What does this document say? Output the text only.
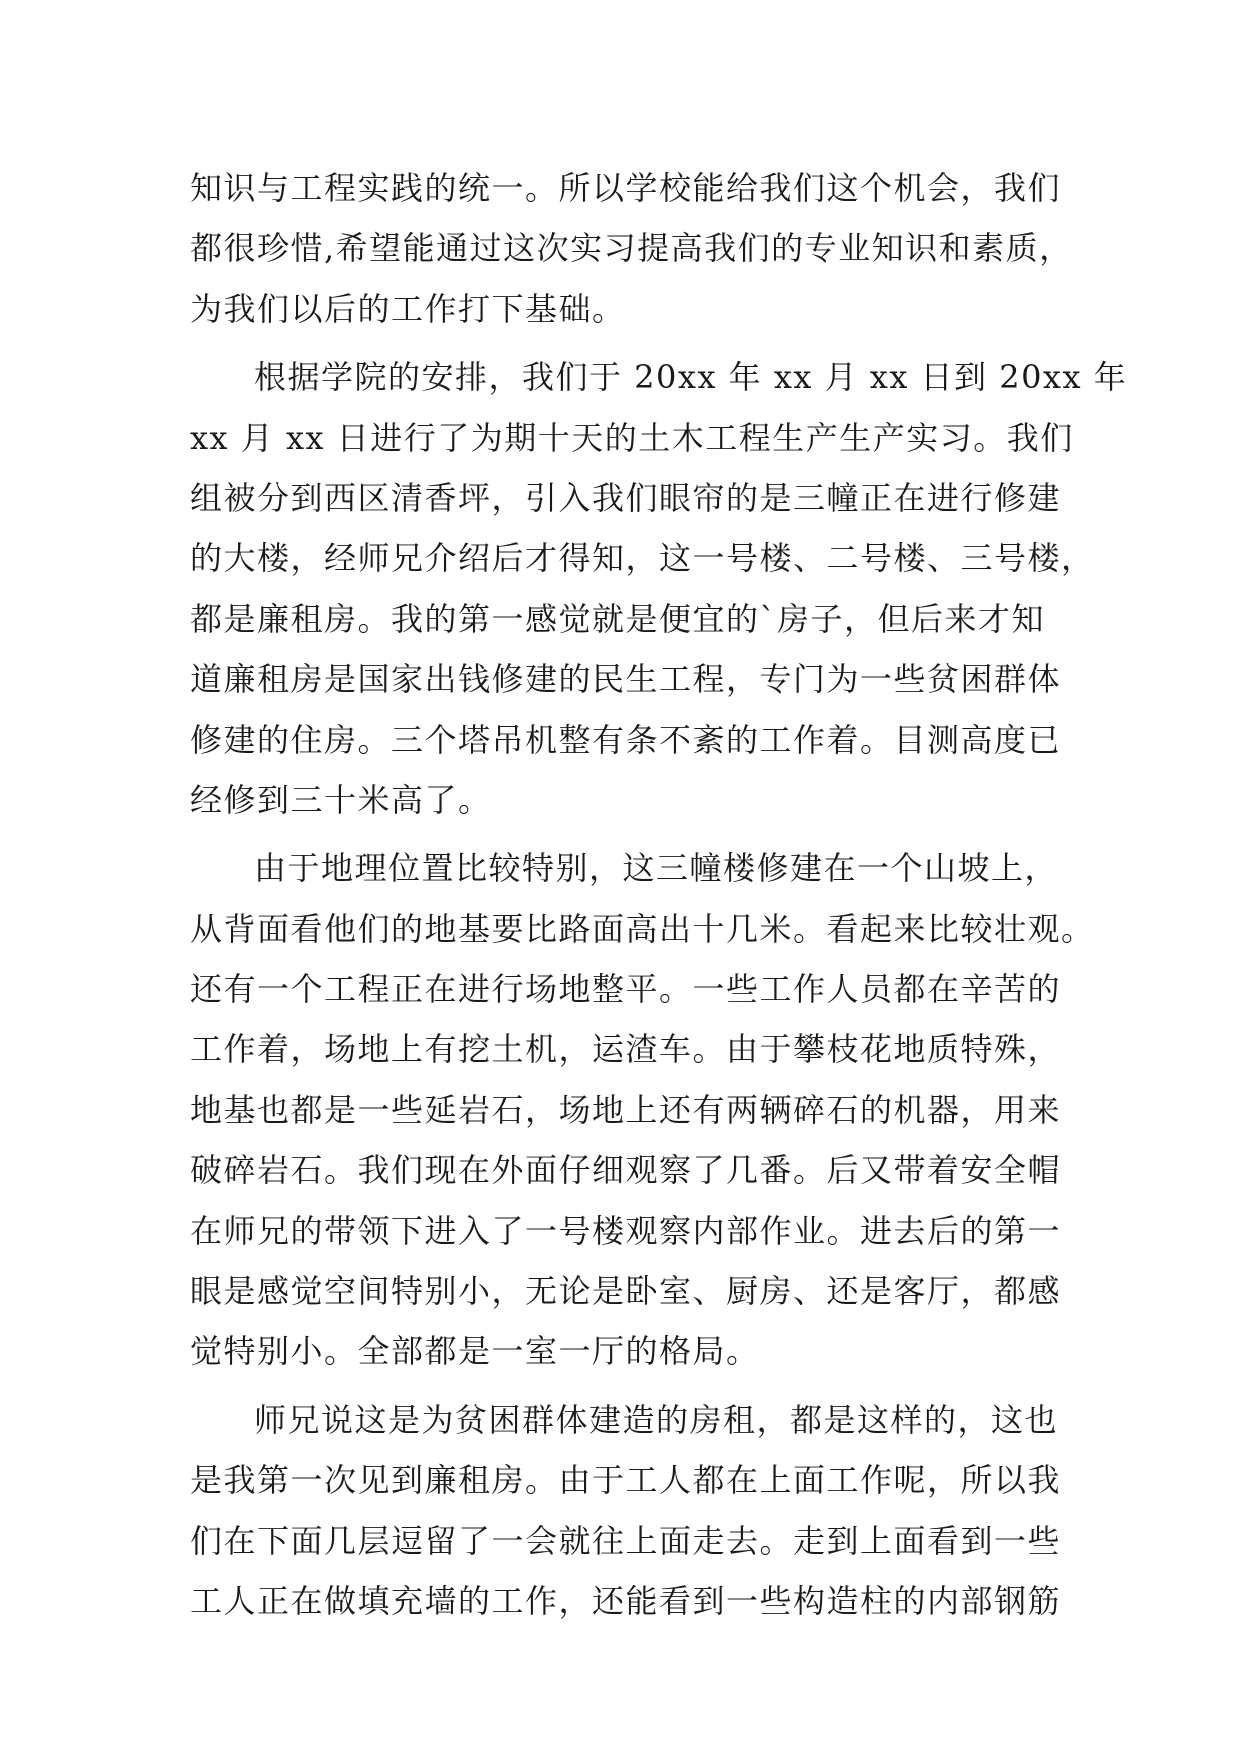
知识与工程实践的统一。所以学校能给我们这个机会，我们
都很珍惜,希望能通过这次实习提高我们的专业知识和素质，
为我们以后的工作打下基础。
根据学院的安排，我们于 20xx 年 xx 月 xx 日到 20xx 年
xx 月 xx 日进行了为期十天的土木工程生产生产实习。我们
组被分到西区清香坪，引入我们眼帘的是三幢正在进行修建
的大楼，经师兄介绍后才得知，这一号楼、二号楼、三号楼，
都是廉租房。我的第一感觉就是便宜的`房子，但后来才知
道廉租房是国家出钱修建的民生工程，专门为一些贫困群体
修建的住房。三个塔吊机整有条不紊的工作着。目测高度已
经修到三十米高了。
由于地理位置比较特别，这三幢楼修建在一个山坡上，
从背面看他们的地基要比路面高出十几米。看起来比较壮观。
还有一个工程正在进行场地整平。一些工作人员都在辛苦的
工作着，场地上有挖土机，运渣车。由于攀枝花地质特殊，
地基也都是一些延岩石，场地上还有两辆碎石的机器，用来
破碎岩石。我们现在外面仔细观察了几番。后又带着安全帽
在师兄的带领下进入了一号楼观察内部作业。进去后的第一
眼是感觉空间特别小，无论是卧室、厨房、还是客厅，都感
觉特别小。全部都是一室一厅的格局。
师兄说这是为贫困群体建造的房租，都是这样的，这也
是我第一次见到廉租房。由于工人都在上面工作呢，所以我
们在下面几层逗留了一会就往上面走去。走到上面看到一些
工人正在做填充墙的工作，还能看到一些构造柱的内部钢筋
